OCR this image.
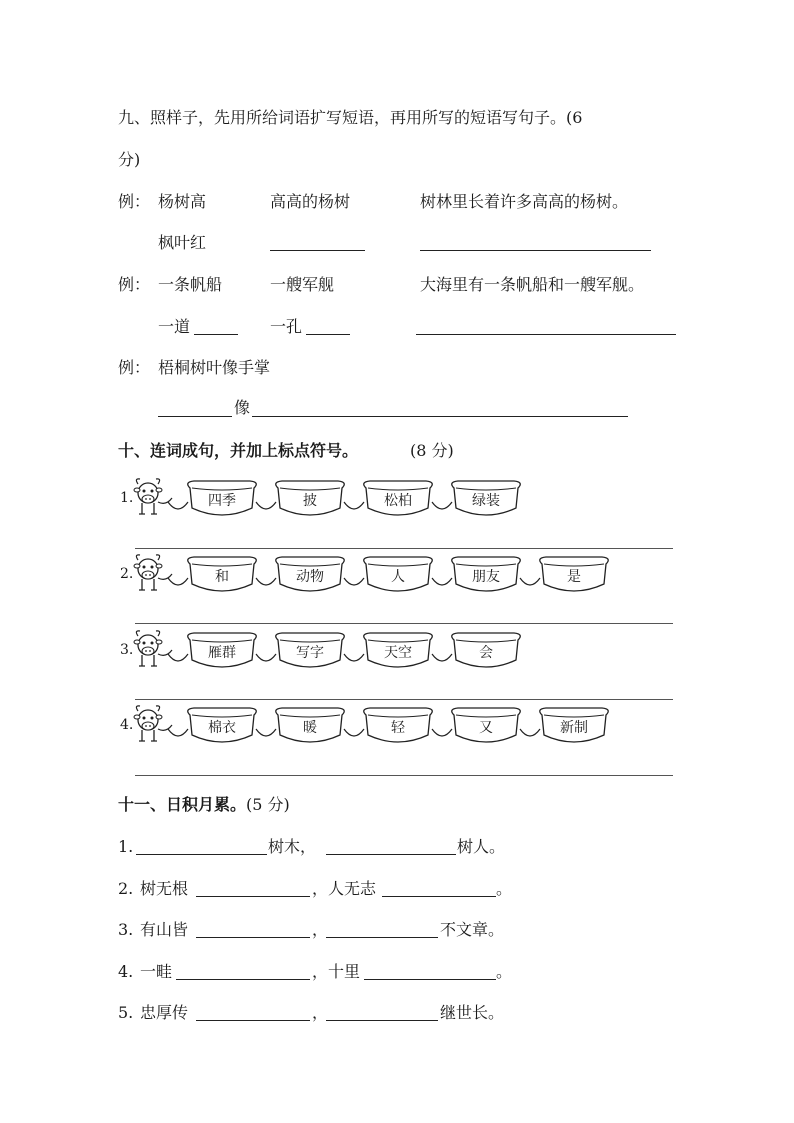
九、照样子，先用所给词语扩写短语，再用所写的短语写句子。(6
分)
例： 杨树高	高高的杨树	树林里长着许多高高的杨树。
枫叶红
例： 一条帆船	一艘军舰	大海里有一条帆船和一艘军舰。
一道	一孔
例： 梧桐树叶像手掌
像
十、连词成句，并加上标点符号。	(8 分)
1.	四季	披	松柏	绿装
2.	和	动物	人	朋友	是
3.	雁群	写字	天空	会
4.	棉衣	暖	轻	又	新制
十一、日积月累。 (5 分)
1.	树木，	树人。
2. 树无根	，人无志	。
3. 有山皆	，	不文章。
4. 一畦	，十里	。
5. 忠厚传	，	继世长。
